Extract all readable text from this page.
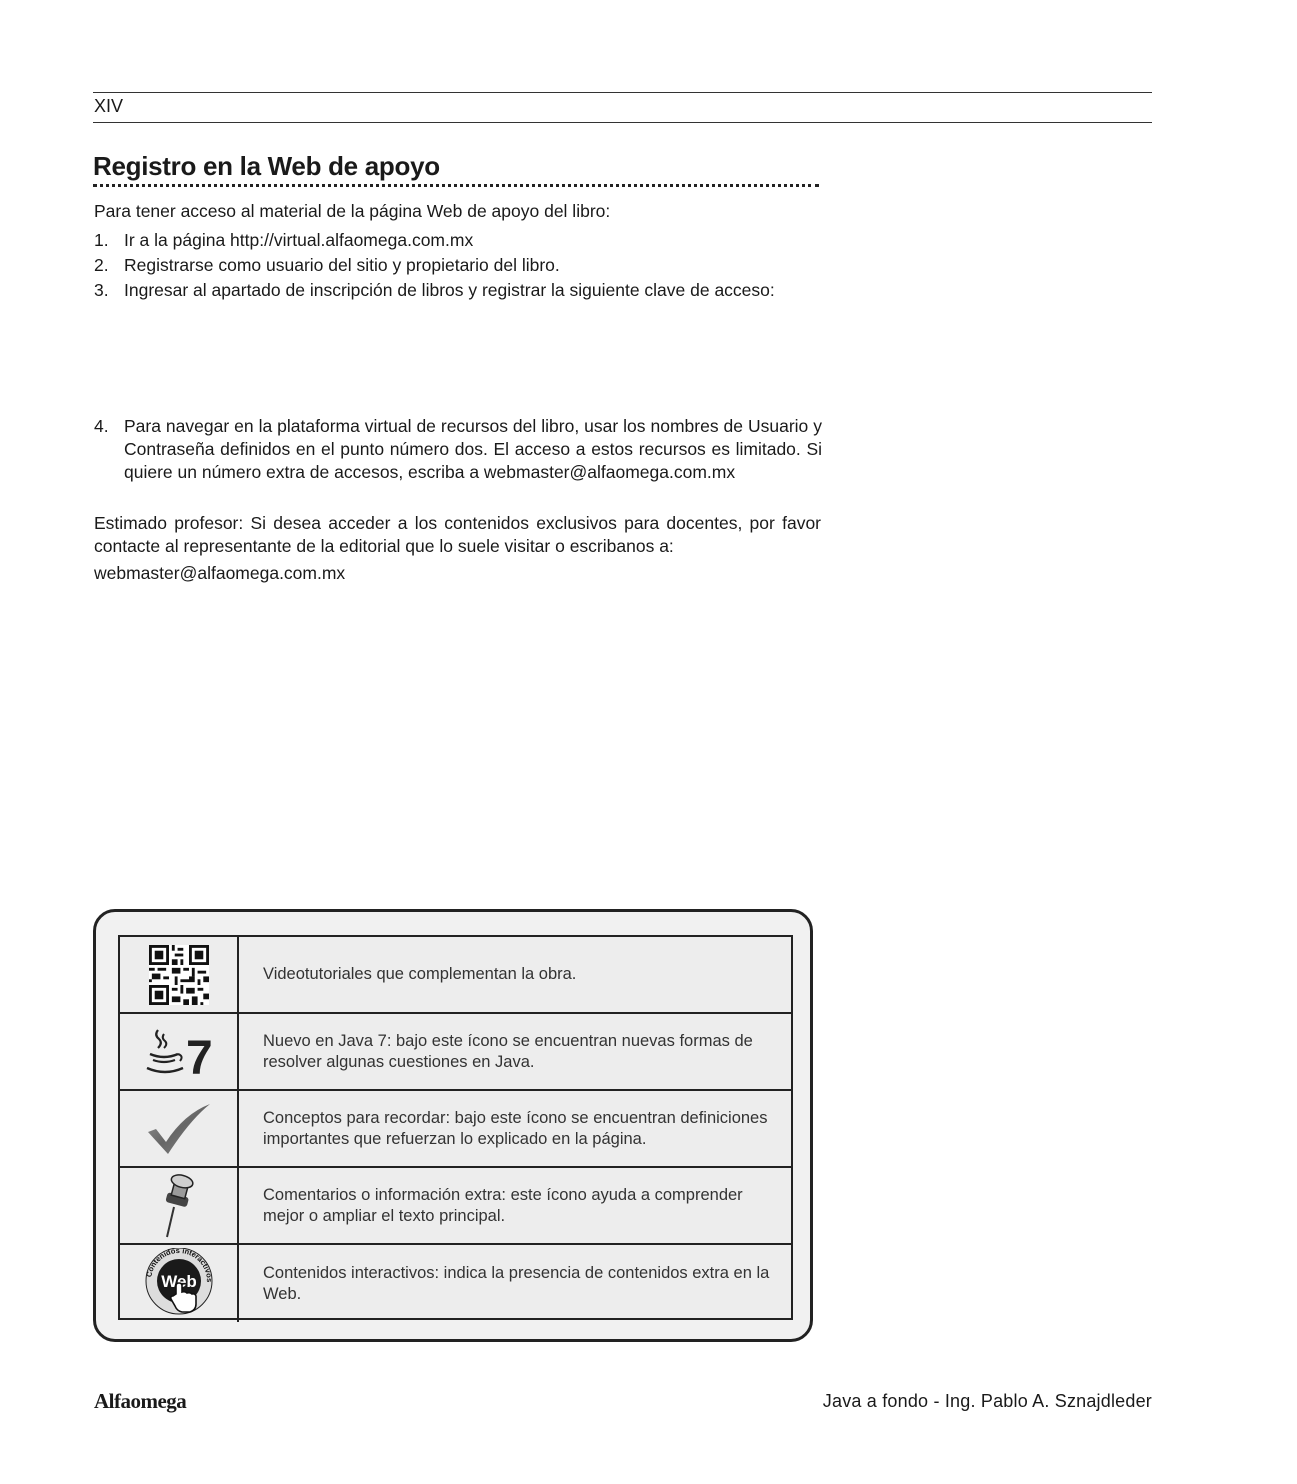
XIV
Registro en la Web de apoyo
Para tener acceso al material de la página Web de apoyo del libro:
1. Ir a la página http://virtual.alfaomega.com.mx
2. Registrarse como usuario del sitio y propietario del libro.
3. Ingresar al apartado de inscripción de libros y registrar la siguiente clave de acceso:
4. Para navegar en la plataforma virtual de recursos del libro, usar los nombres de Usuario y Contraseña definidos en el punto número dos. El acceso a estos recursos es limitado. Si quiere un número extra de accesos, escriba a webmaster@alfaomega.com.mx
Estimado profesor: Si desea acceder a los contenidos exclusivos para docentes, por favor contacte al representante de la editorial que lo suele visitar o escribanos a:
webmaster@alfaomega.com.mx
Videotutoriales que complementan la obra.
7	Nuevo en Java 7: bajo este ícono se encuentran nuevas formas de resolver algunas cuestiones en Java.
Conceptos para recordar: bajo este ícono se encuentran definiciones importantes que refuerzan lo explicado en la página.
Comentarios o información extra: este ícono ayuda a comprender mejor o ampliar el texto principal.
Contenidos interactivos
Web	Contenidos interactivos: indica la presencia de contenidos extra en la Web.
Alfaomega	Java a fondo - Ing. Pablo A. Sznajdleder
